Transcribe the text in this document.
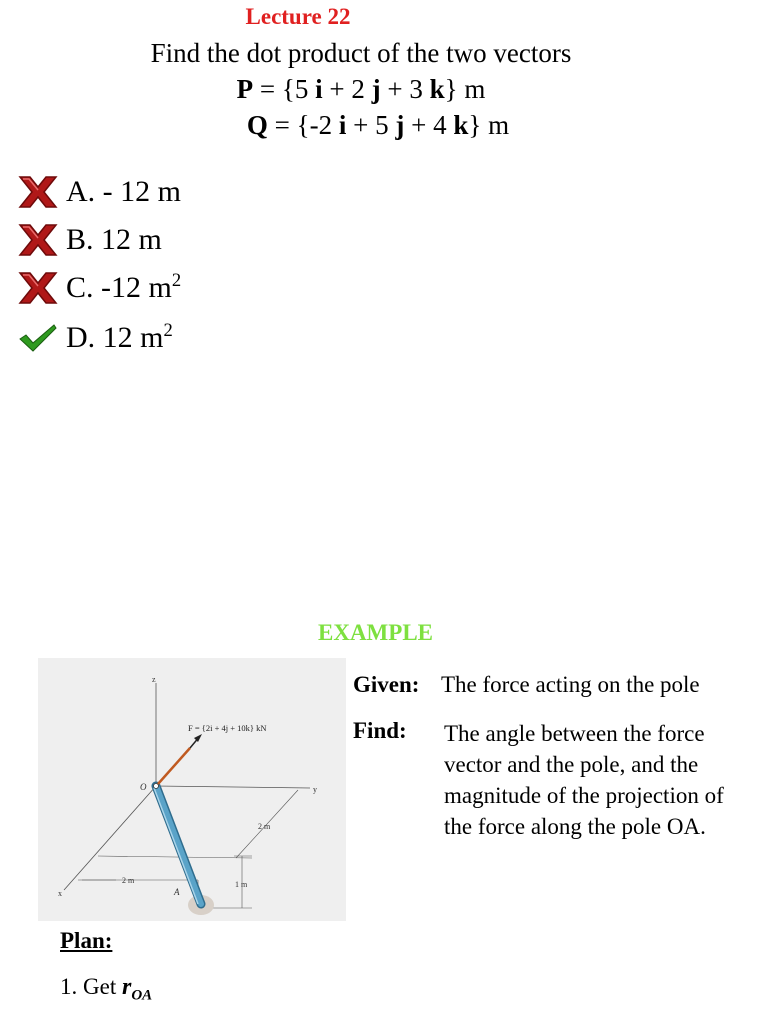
Lecture 22
Find the dot product of the two vectors
P = {5 i + 2 j + 3 k} m
Q = {-2 i + 5 j + 4 k} m
A. - 12 m
B. 12 m
C. -12 $m^2$
D. 12 $m^2$
EXAMPLE
z
y
x
1 m
2 m
2 m
F = {2i + 4j + 10k} kN
O
A
Given: The force acting on the pole
Find: The angle between the force vector and the pole, and the magnitude of the projection of the force along the pole OA.
Plan:
1. Get $r_{OA}$
